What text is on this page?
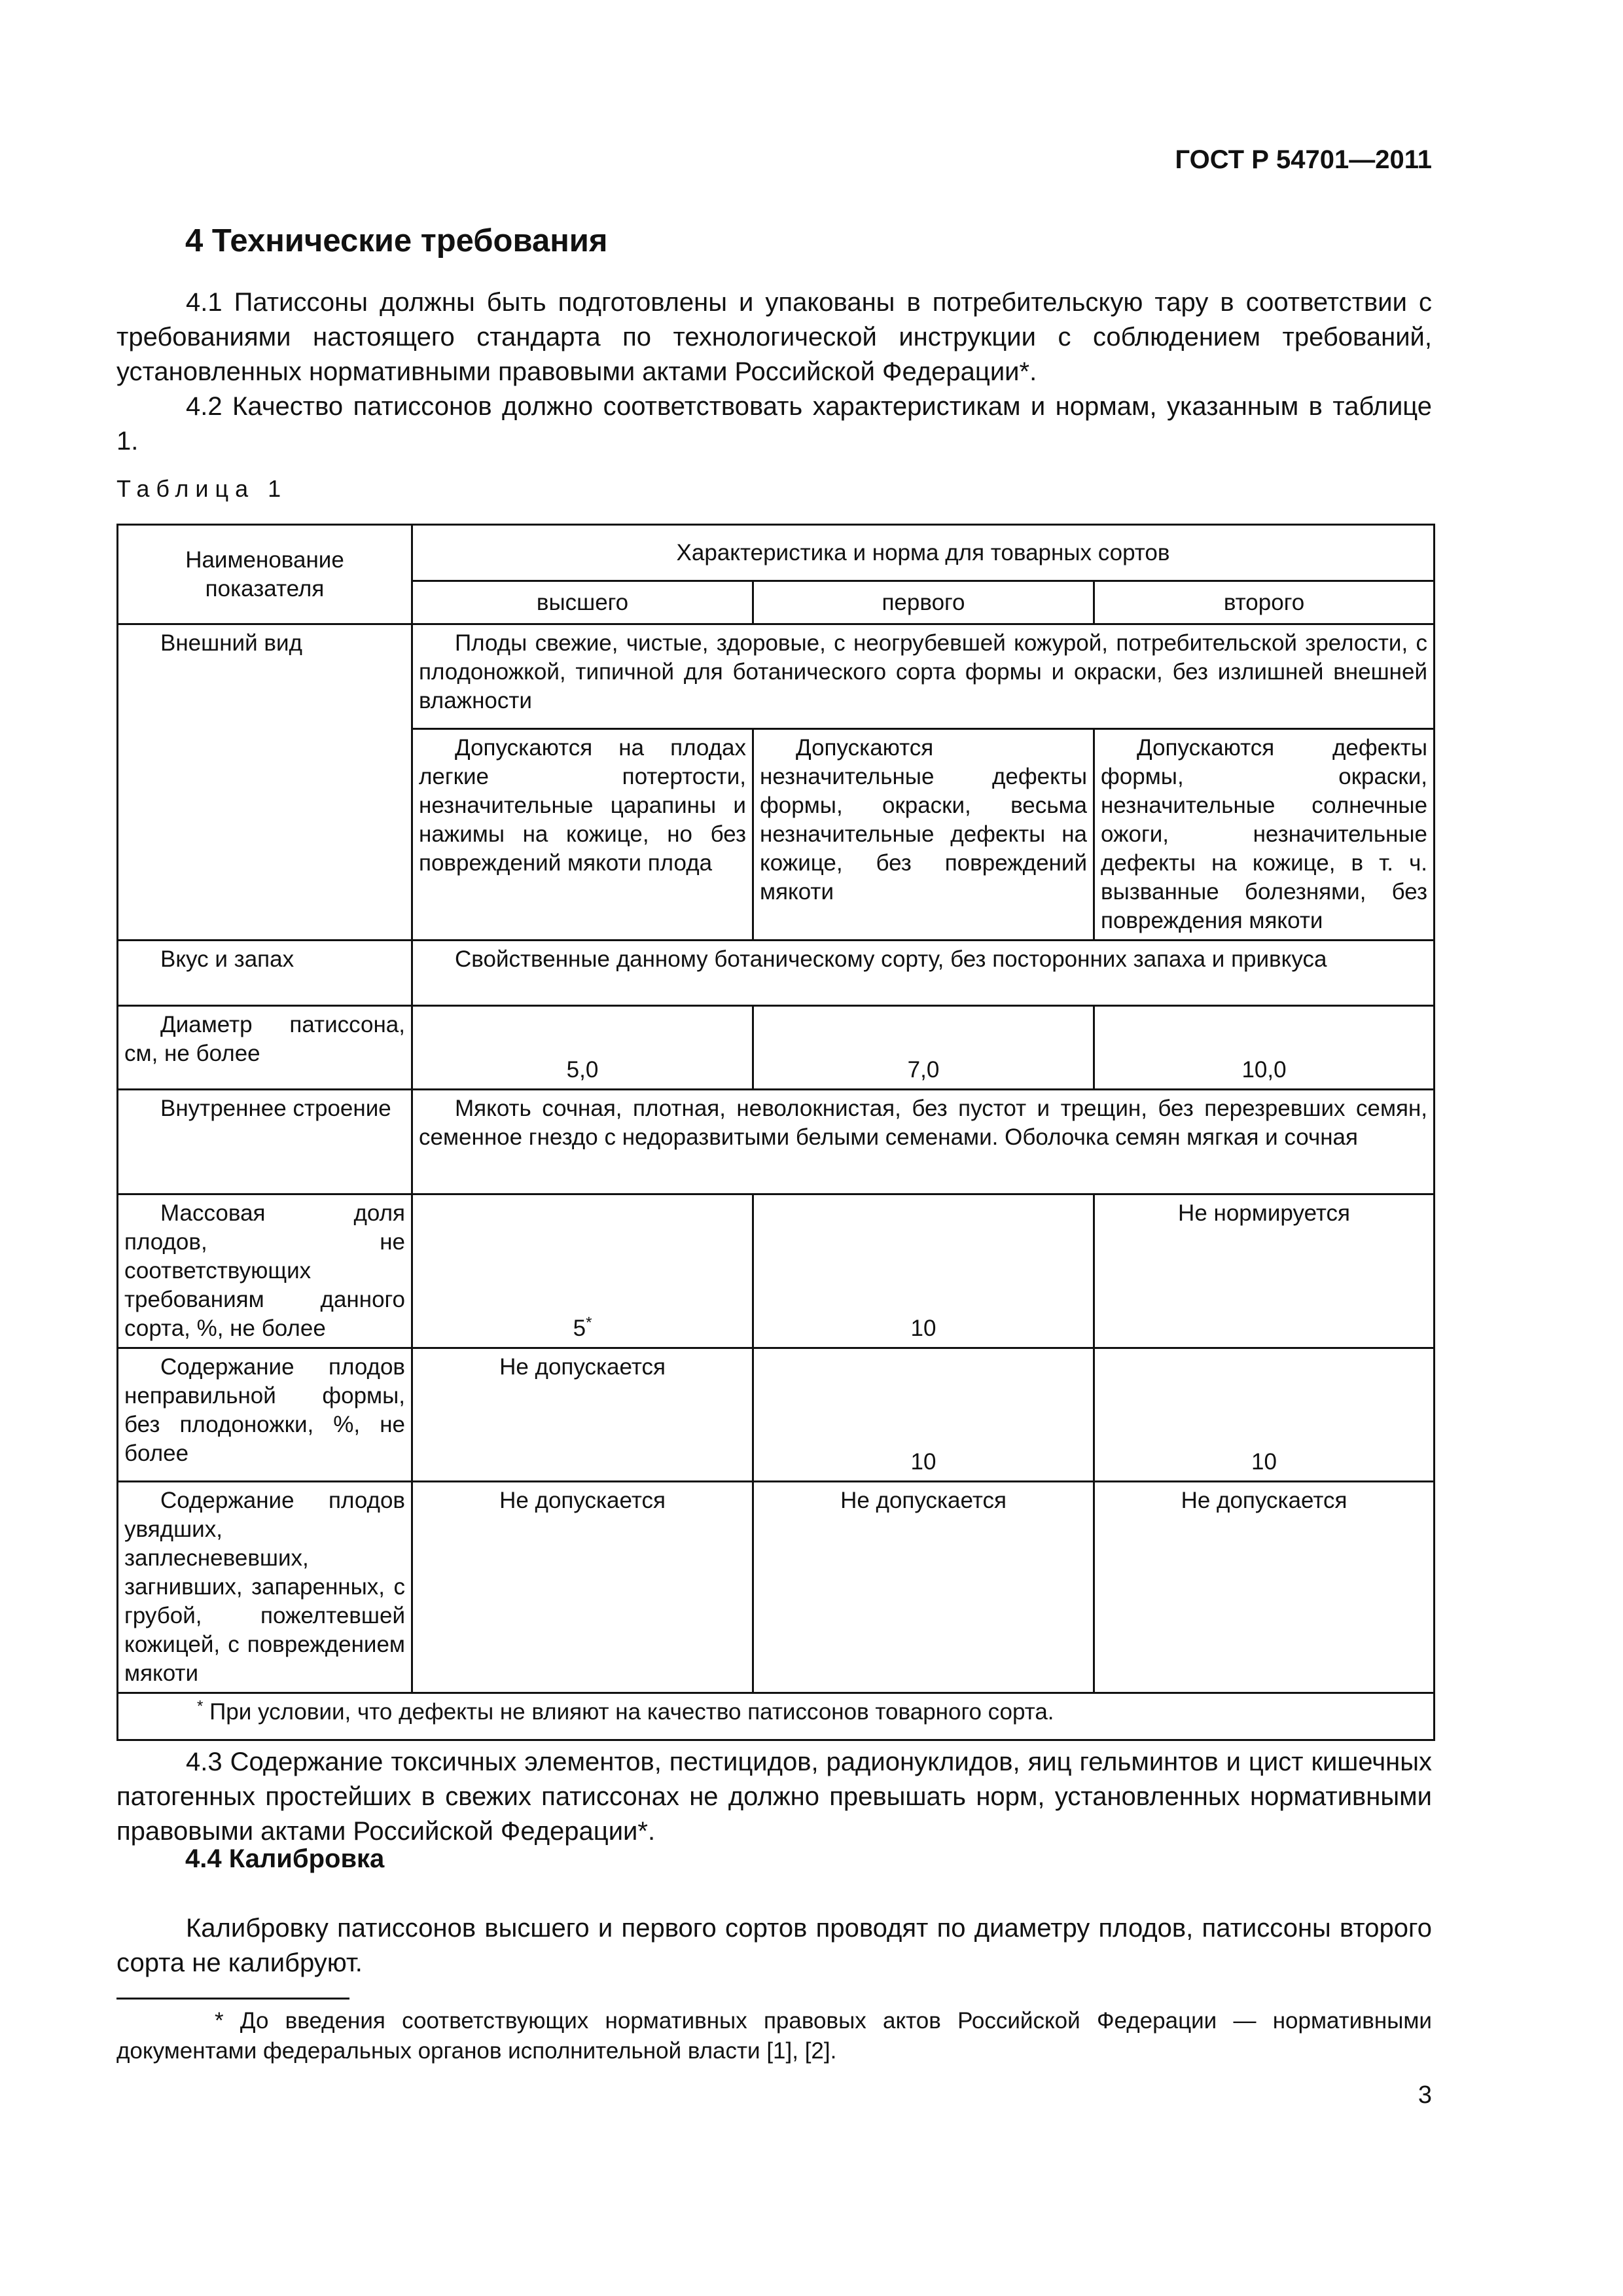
ГОСТ Р 54701—2011
4 Технические требования
4.1 Патиссоны должны быть подготовлены и упакованы в потребительскую тару в соответствии с требованиями настоящего стандарта по технологической инструкции с соблюдением требований, установленных нормативными правовыми актами Российской Федерации*.
4.2 Качество патиссонов должно соответствовать характеристикам и нормам, указанным в таблице 1.
Таблица 1
Наименование показателя	Характеристика и норма для товарных сортов		
	высшего	первого	второго
Внешний вид	Плоды свежие, чистые, здоровые, с неогрубевшей кожурой, потребительской зрелости, с плодоножкой, типичной для ботанического сорта формы и окраски, без излишней внешней влажности		
	Допускаются на плодах легкие потертости, незначительные царапины и нажимы на кожице, но без повреждений мякоти плода	Допускаются незначительные дефекты формы, окраски, весьма незначительные дефекты на кожице, без повреждений мякоти	Допускаются дефекты формы, окраски, незначительные солнечные ожоги, незначительные дефекты на кожице, в т. ч. вызванные болезнями, без повреждения мякоти
Вкус и запах	Свойственные данному ботаническому сорту, без посторонних запаха и привкуса		
Диаметр патиссона, см, не более	5,0	7,0	10,0
Внутреннее строение	Мякоть сочная, плотная, неволокнистая, без пустот и трещин, без перезревших семян, семенное гнездо с недоразвитыми белыми семенами. Оболочка семян мягкая и сочная		
Массовая доля плодов, не соответствующих требованиям данного сорта, %, не более	5*	10	Не нормируется
Содержание плодов неправильной формы, без плодоножки, %, не более	Не допускается	10	10
Содержание плодов увядших, заплесневевших, загнивших, запаренных, с грубой, пожелтевшей кожицей, с повреждением мякоти	Не допускается	Не допускается	Не допускается
* При условии, что дефекты не влияют на качество патиссонов товарного сорта.			
4.3 Содержание токсичных элементов, пестицидов, радионуклидов, яиц гельминтов и цист кишечных патогенных простейших в свежих патиссонах не должно превышать норм, установленных нормативными правовыми актами Российской Федерации*.
4.4 Калибровка
Калибровку патиссонов высшего и первого сортов проводят по диаметру плодов, патиссоны второго сорта не калибруют.
* До введения соответствующих нормативных правовых актов Российской Федерации — нормативными документами федеральных органов исполнительной власти [1], [2].
3
